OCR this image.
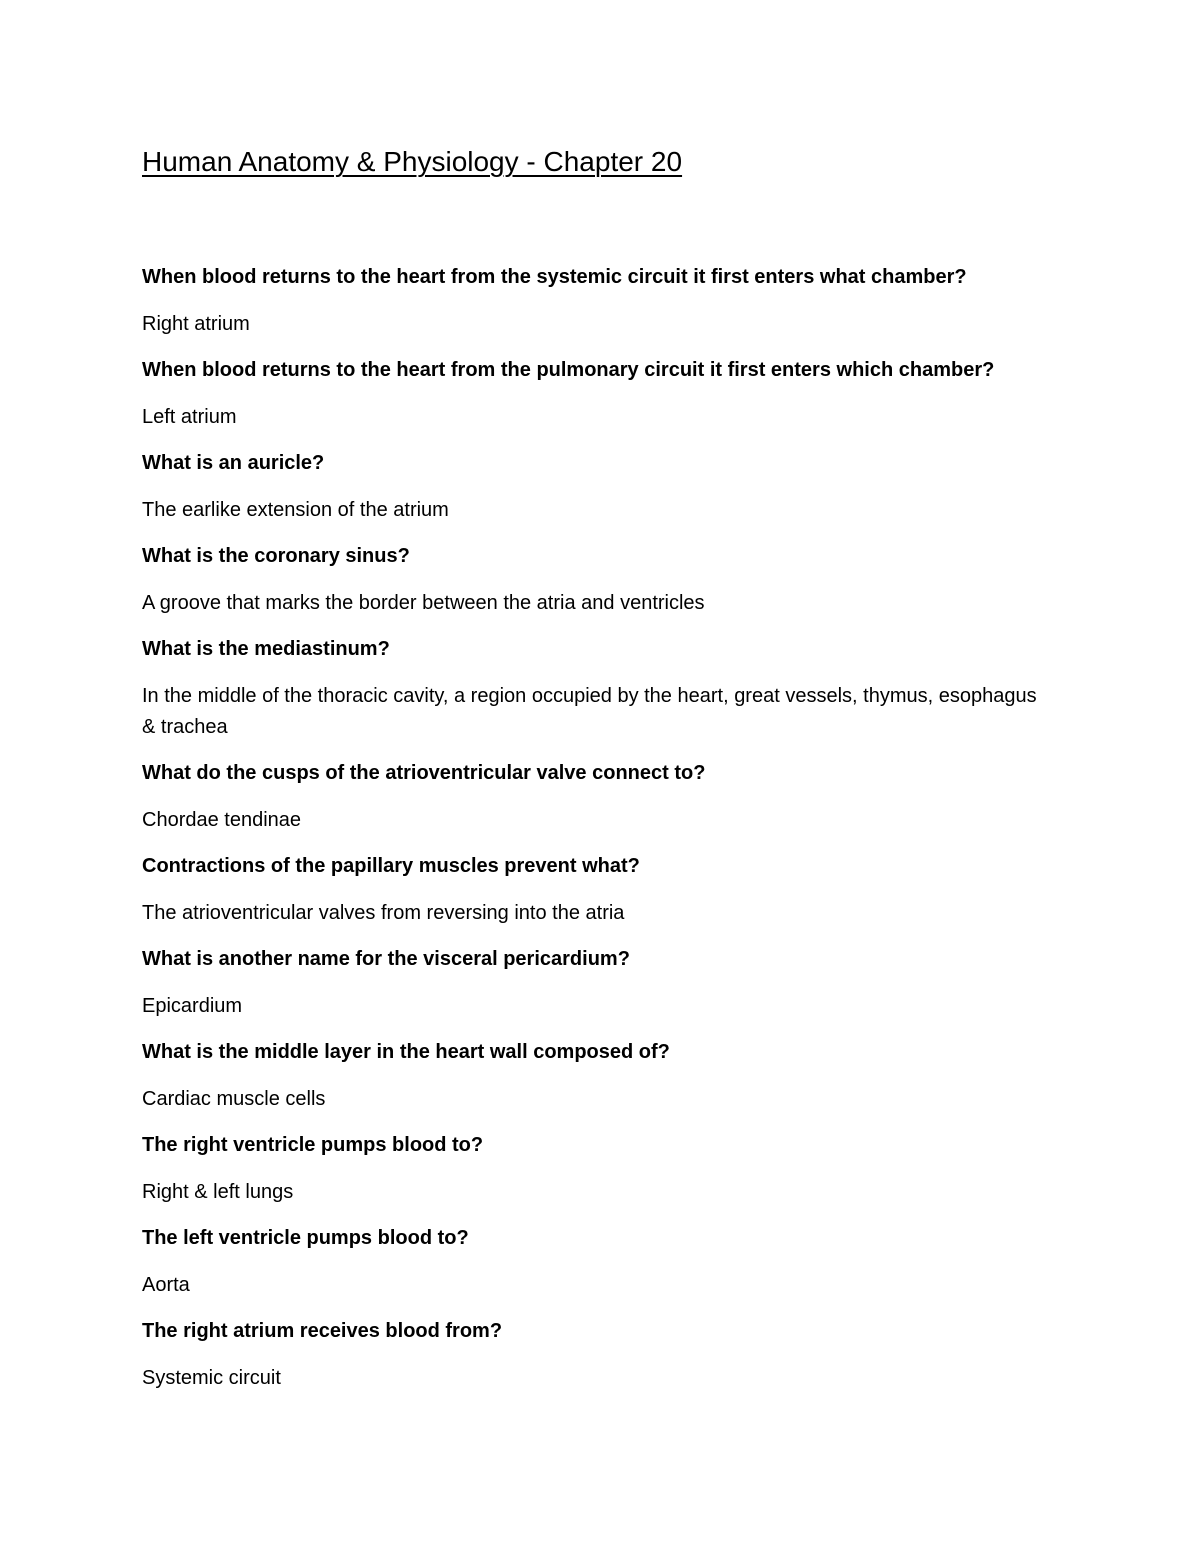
Human Anatomy & Physiology - Chapter 20

When blood returns to the heart from the systemic circuit it first enters what chamber?

Right atrium

When blood returns to the heart from the pulmonary circuit it first enters which chamber?

Left atrium

What is an auricle?

The earlike extension of the atrium

What is the coronary sinus?

A groove that marks the border between the atria and ventricles

What is the mediastinum?

In the middle of the thoracic cavity, a region occupied by the heart, great vessels, thymus, esophagus & trachea

What do the cusps of the atrioventricular valve connect to?

Chordae tendinae

Contractions of the papillary muscles prevent what?

The atrioventricular valves from reversing into the atria

What is another name for the visceral pericardium?

Epicardium

What is the middle layer in the heart wall composed of?

Cardiac muscle cells

The right ventricle pumps blood to?

Right & left lungs

The left ventricle pumps blood to?

Aorta

The right atrium receives blood from?

Systemic circuit
